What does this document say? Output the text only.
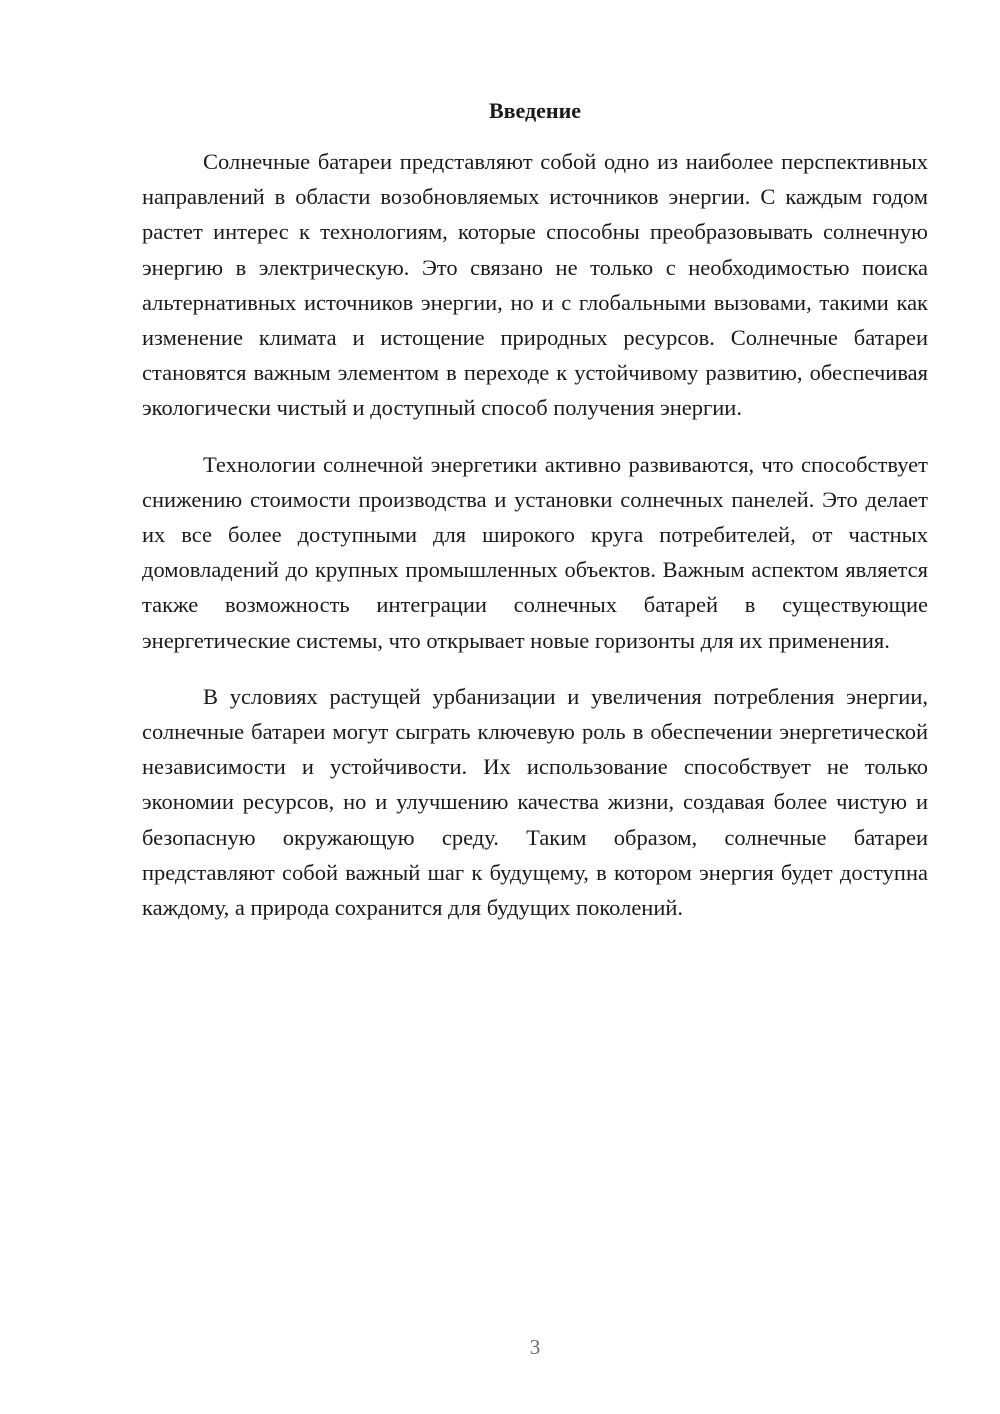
Введение

Солнечные батареи представляют собой одно из наиболее перспективных направлений в области возобновляемых источников энергии. С каждым годом растет интерес к технологиям, которые способны преобразовывать солнечную энергию в электрическую. Это связано не только с необходимостью поиска альтернативных источников энергии, но и с глобальными вызовами, такими как изменение климата и истощение природных ресурсов. Солнечные батареи становятся важным элементом в переходе к устойчивому развитию, обеспечивая экологически чистый и доступный способ получения энергии.

Технологии солнечной энергетики активно развиваются, что способствует снижению стоимости производства и установки солнечных панелей. Это делает их все более доступными для широкого круга потребителей, от частных домовладений до крупных промышленных объектов. Важным аспектом является также возможность интеграции солнечных батарей в существующие энергетические системы, что открывает новые горизонты для их применения.

В условиях растущей урбанизации и увеличения потребления энергии, солнечные батареи могут сыграть ключевую роль в обеспечении энергетической независимости и устойчивости. Их использование способствует не только экономии ресурсов, но и улучшению качества жизни, создавая более чистую и безопасную окружающую среду. Таким образом, солнечные батареи представляют собой важный шаг к будущему, в котором энергия будет доступна каждому, а природа сохранится для будущих поколений.

3
